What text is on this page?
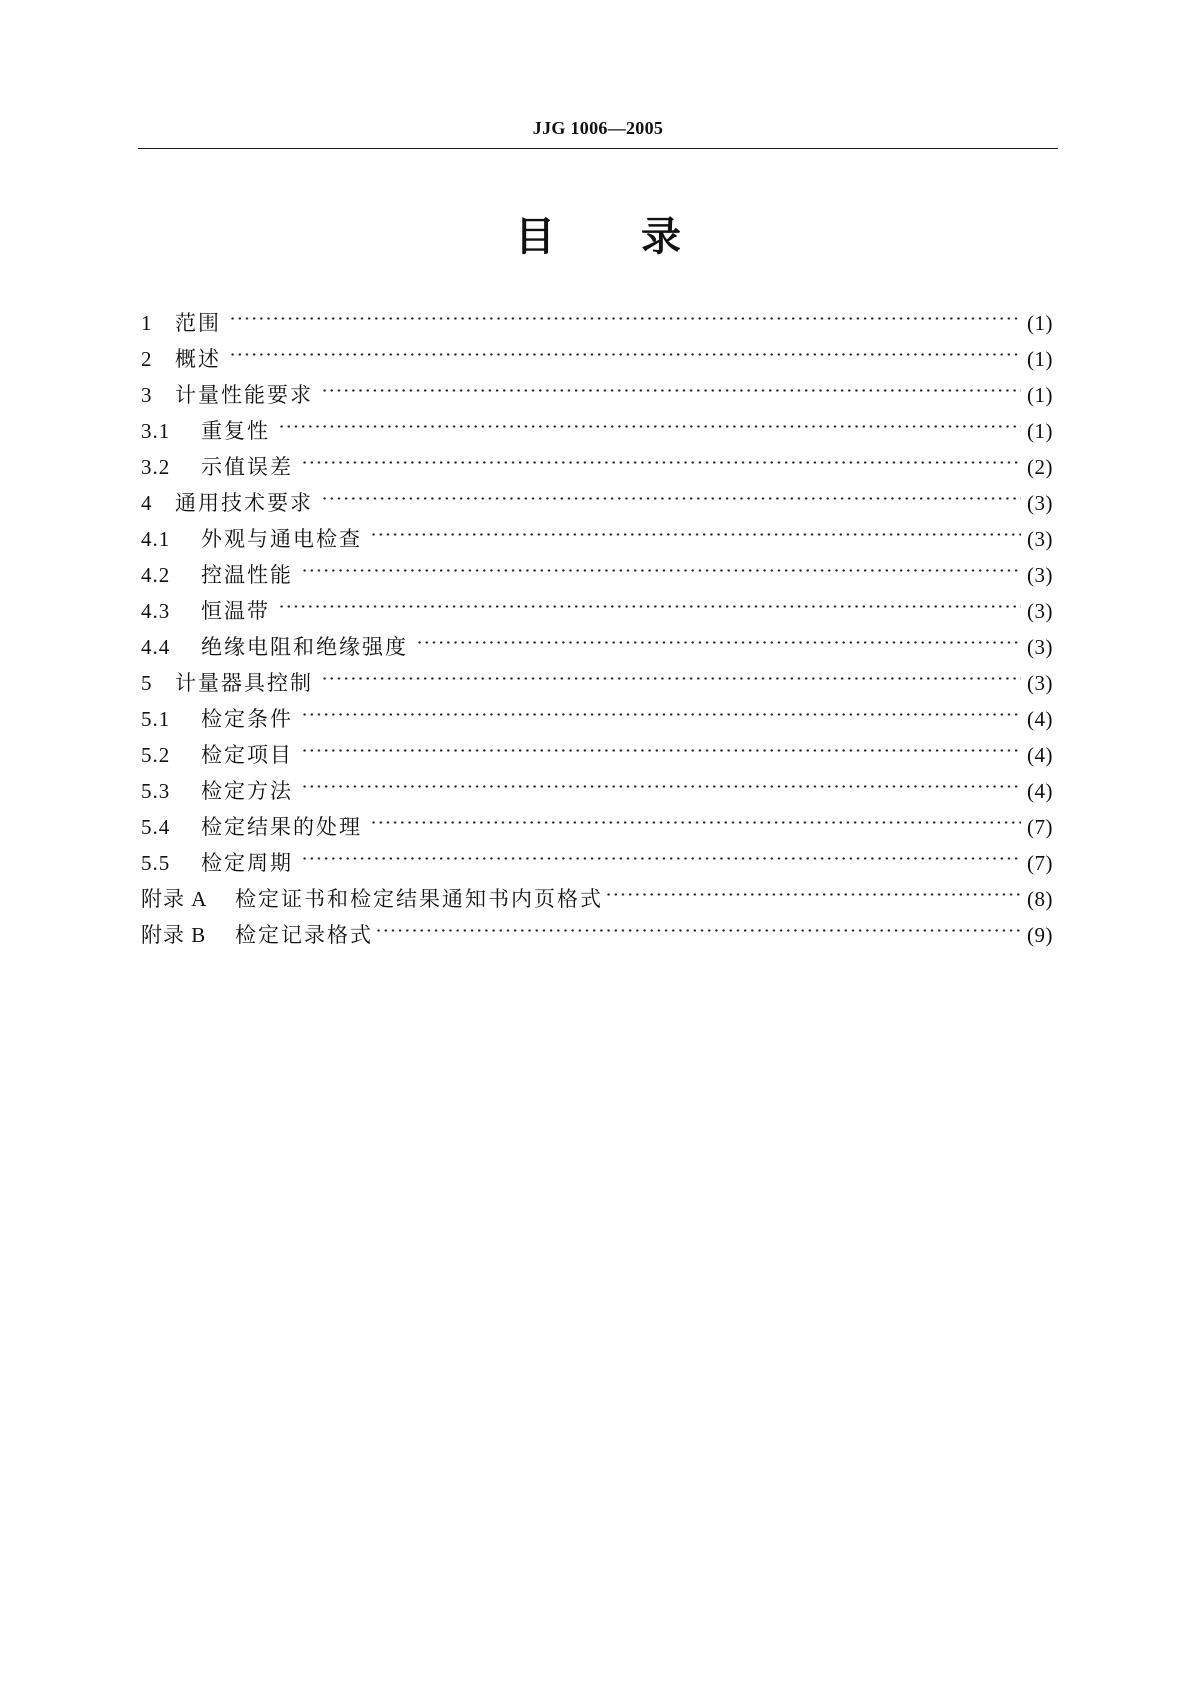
JJG 1006—2005
目 录
1	范围	(1)
2	概述	(1)
3	计量性能要求	(1)
3.1	重复性	(1)
3.2	示值误差	(2)
4	通用技术要求	(3)
4.1	外观与通电检查	(3)
4.2	控温性能	(3)
4.3	恒温带	(3)
4.4	绝缘电阻和绝缘强度	(3)
5	计量器具控制	(3)
5.1	检定条件	(4)
5.2	检定项目	(4)
5.3	检定方法	(4)
5.4	检定结果的处理	(7)
5.5	检定周期	(7)
附录 A	检定证书和检定结果通知书内页格式	(8)
附录 B	检定记录格式	(9)
